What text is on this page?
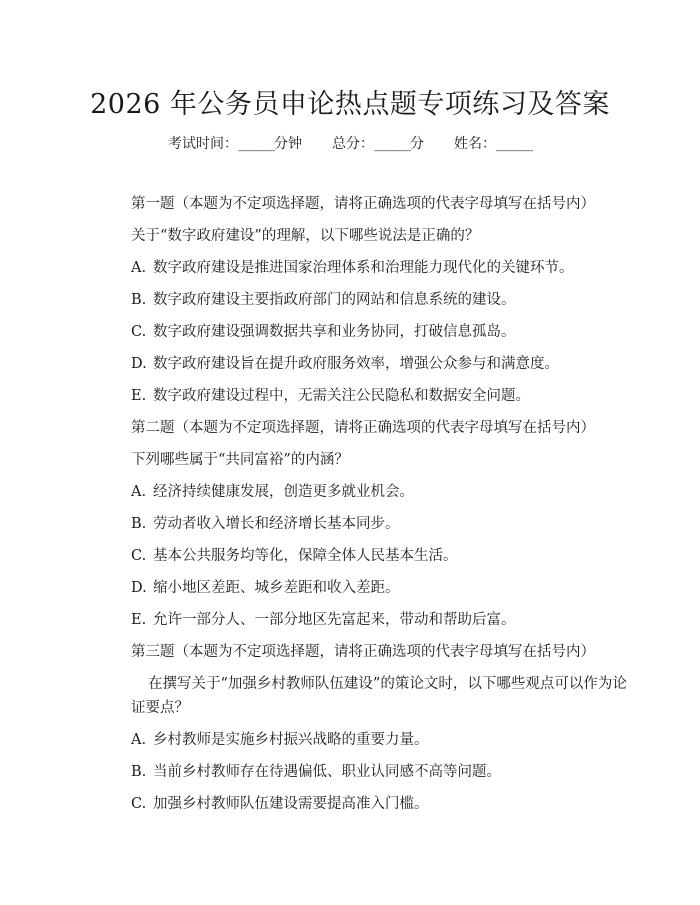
2026 年公务员申论热点题专项练习及答案
考试时间：______分钟 总分：______分 姓名：______
第一题（本题为不定项选择题，请将正确选项的代表字母填写在括号内）
关于“数字政府建设”的理解，以下哪些说法是正确的？
A. 数字政府建设是推进国家治理体系和治理能力现代化的关键环节。
B. 数字政府建设主要指政府部门的网站和信息系统的建设。
C. 数字政府建设强调数据共享和业务协同，打破信息孤岛。
D. 数字政府建设旨在提升政府服务效率，增强公众参与和满意度。
E. 数字政府建设过程中，无需关注公民隐私和数据安全问题。
第二题（本题为不定项选择题，请将正确选项的代表字母填写在括号内）
下列哪些属于“共同富裕”的内涵？
A. 经济持续健康发展，创造更多就业机会。
B. 劳动者收入增长和经济增长基本同步。
C. 基本公共服务均等化，保障全体人民基本生活。
D. 缩小地区差距、城乡差距和收入差距。
E. 允许一部分人、一部分地区先富起来，带动和帮助后富。
第三题（本题为不定项选择题，请将正确选项的代表字母填写在括号内）
在撰写关于“加强乡村教师队伍建设”的策论文时，以下哪些观点可以作为论
证要点？
A. 乡村教师是实施乡村振兴战略的重要力量。
B. 当前乡村教师存在待遇偏低、职业认同感不高等问题。
C. 加强乡村教师队伍建设需要提高准入门槛。
